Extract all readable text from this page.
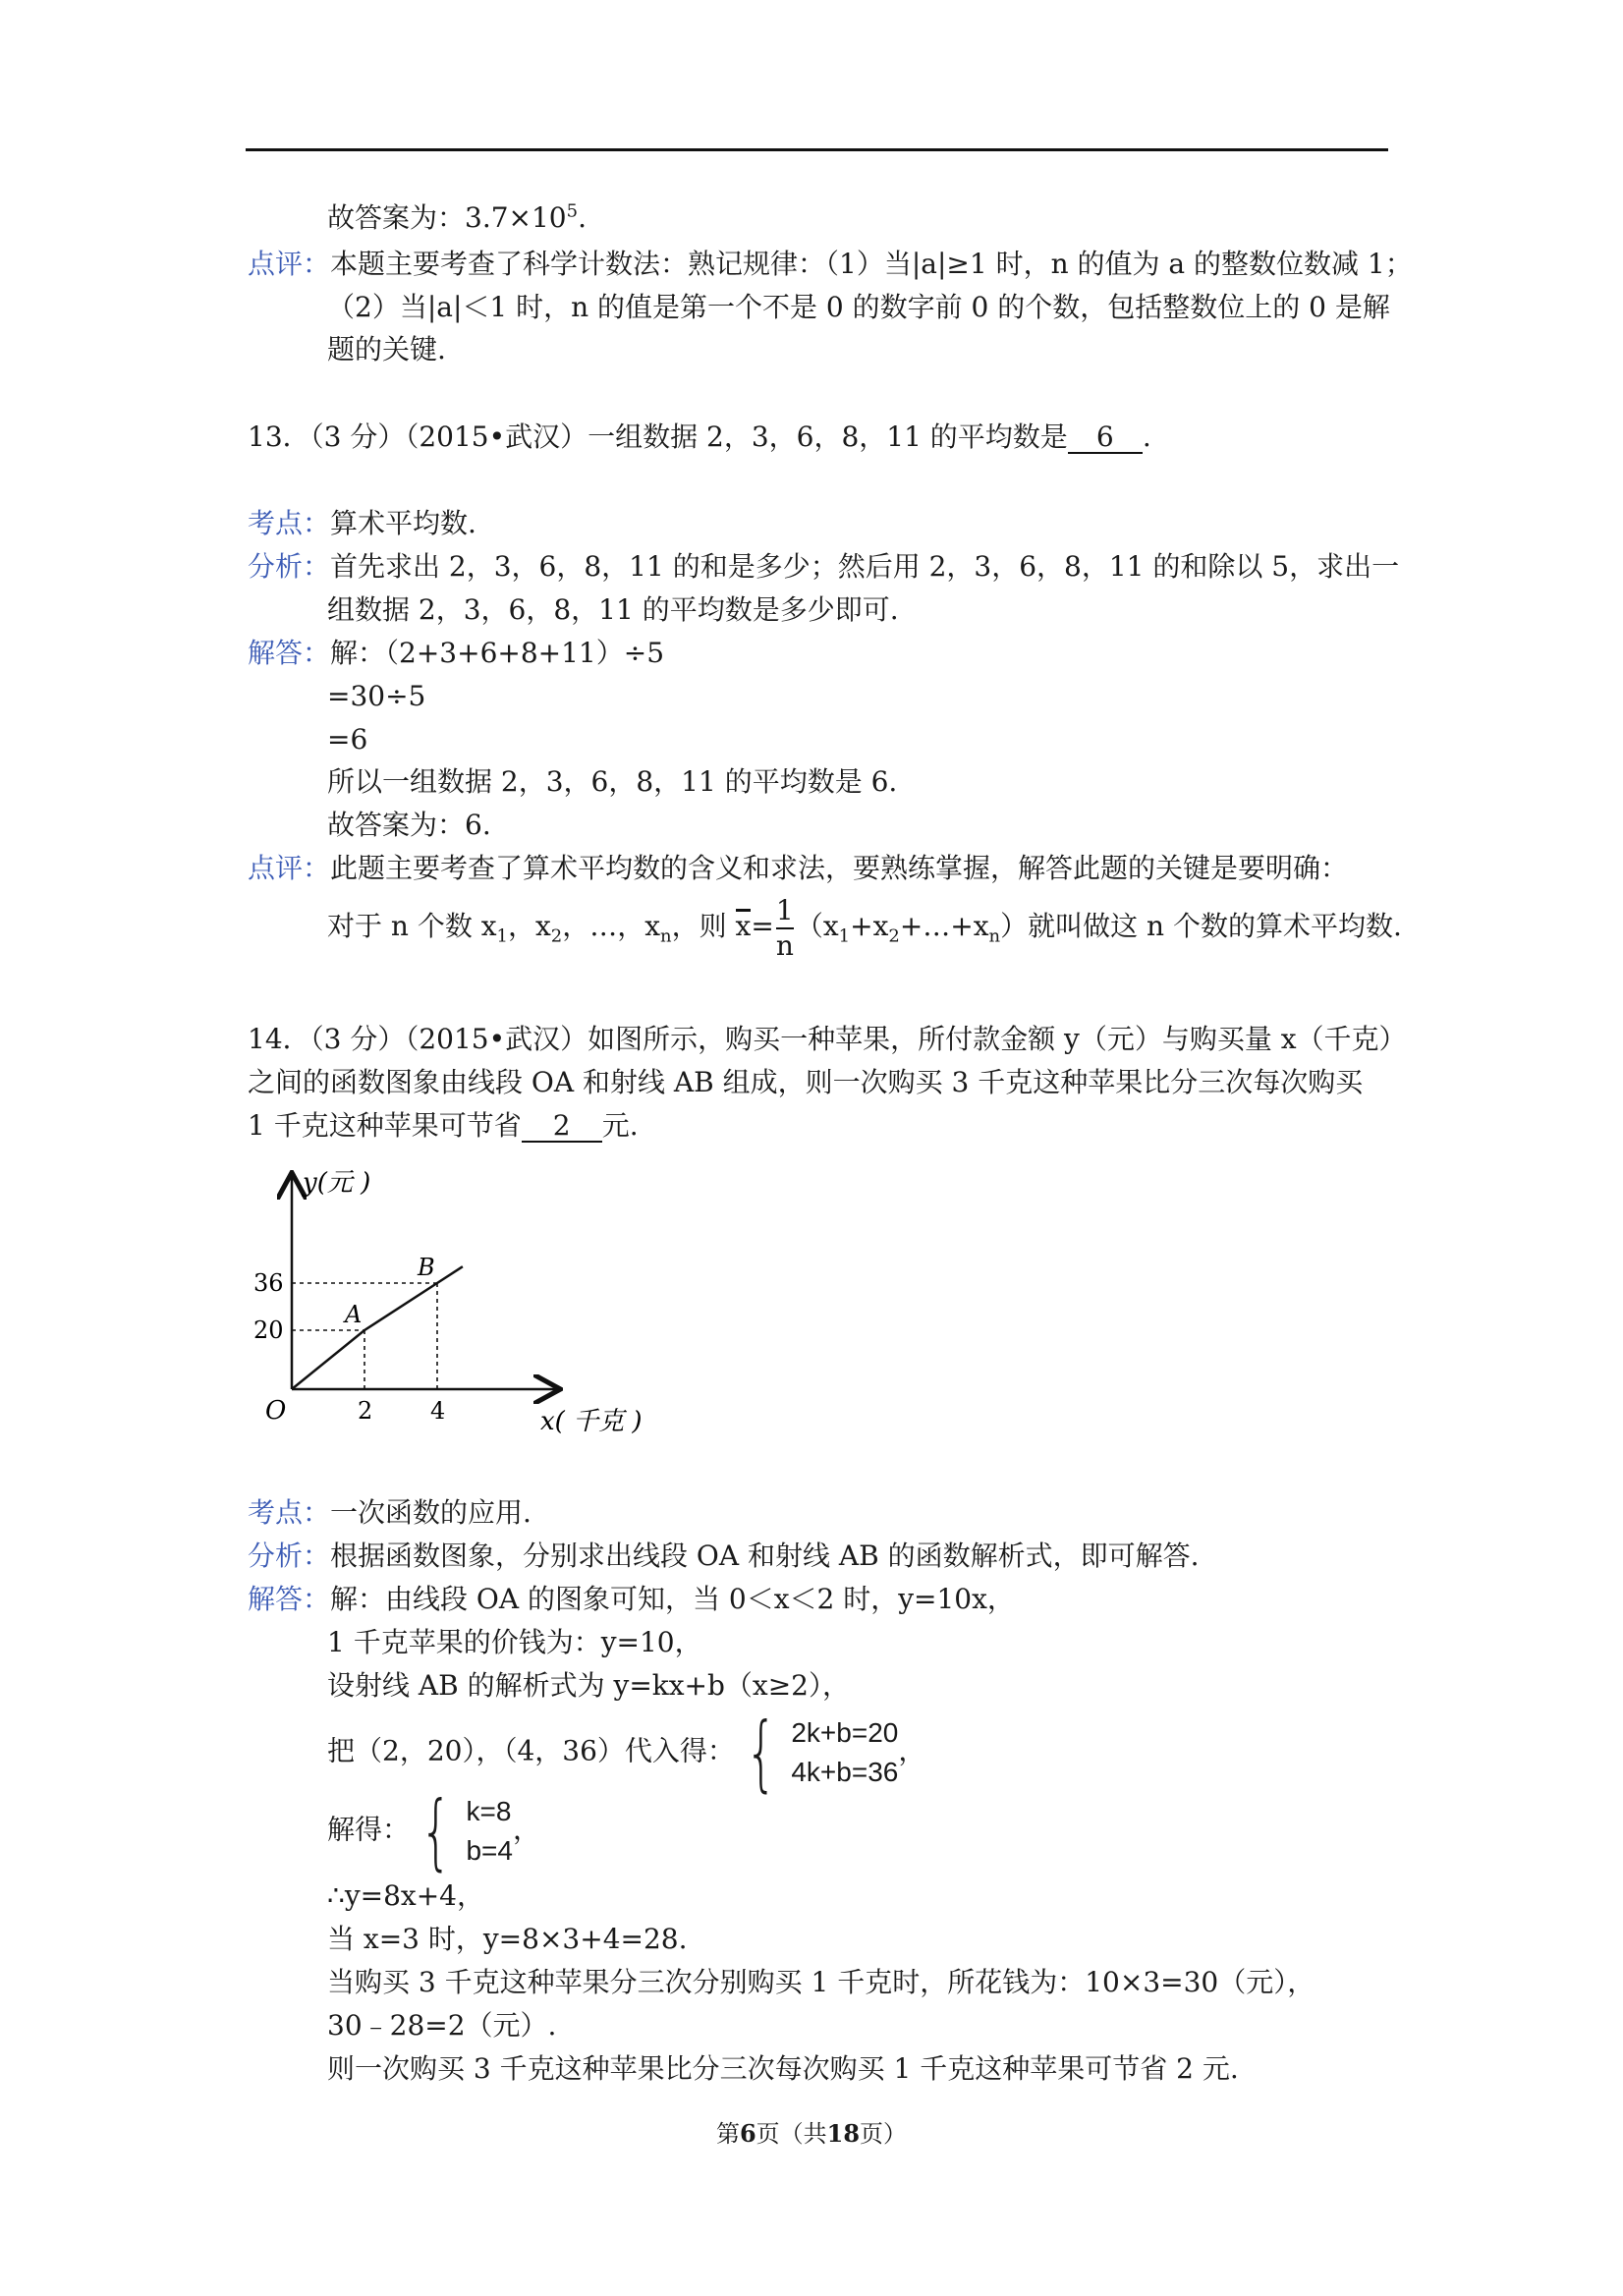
故答案为：$3.7\times 10^5$.
点评：本题主要考查了科学计数法：熟记规律：（1）当|a|≥1 时，n 的值为 a 的整数位数减 1；
（2）当|a|＜1 时，n 的值是第一个不是 0 的数字前 0 的个数，包括整数位上的 0 是解
题的关键.
13．（3 分）（2015•武汉）一组数据 2，3，6，8，11 的平均数是 6 .
考点：算术平均数.
分析：首先求出 2，3，6，8，11 的和是多少；然后用 2，3，6，8，11 的和除以 5，求出一
组数据 2，3，6，8，11 的平均数是多少即可.
解答：解：（2+3+6+8+11）÷5
=30÷5
=6
所以一组数据 2，3，6，8，11 的平均数是 6.
故答案为：6.
点评：此题主要考查了算术平均数的含义和求法，要熟练掌握，解答此题的关键是要明确：
对于 n 个数 $x_1$，$x_2$，…，$x_n$，则 $x= \frac{1}{n}$ $(x_1+x_2+\dots+x_n)$就叫做这 n 个数的算术平均数.
14．（3 分）（2015•武汉）如图所示，购买一种苹果，所付款金额 y（元）与购买量 x（千克）
之间的函数图象由线段 OA 和射线 AB 组成，则一次购买 3 千克这种苹果比分三次每次购买
1 千克这种苹果可节省 2 元.
y(元 )
x( 千克 )
O
A
B
2 4
20
36
考点：一次函数的应用.
分析：根据函数图象，分别求出线段 OA 和射线 AB 的函数解析式，即可解答.
解答：解：由线段 OA 的图象可知，当 0＜x＜2 时，y=10x，
1 千克苹果的价钱为：y=10，
设射线 AB 的解析式为 y=kx+b（x≥2），
把（2，20），（4，36）代入得： { 2k+b=20
4k+b=36
，
解得： { k=8
b=4
，
∴y=8x+4，
当 x=3 时，y=8×3+4=28.
当购买 3 千克这种苹果分三次分别购买 1 千克时，所花钱为：10×3=30（元），
30﹣28=2（元）.
则一次购买 3 千克这种苹果比分三次每次购买 1 千克这种苹果可节省 2 元.
第6页（共18页）
